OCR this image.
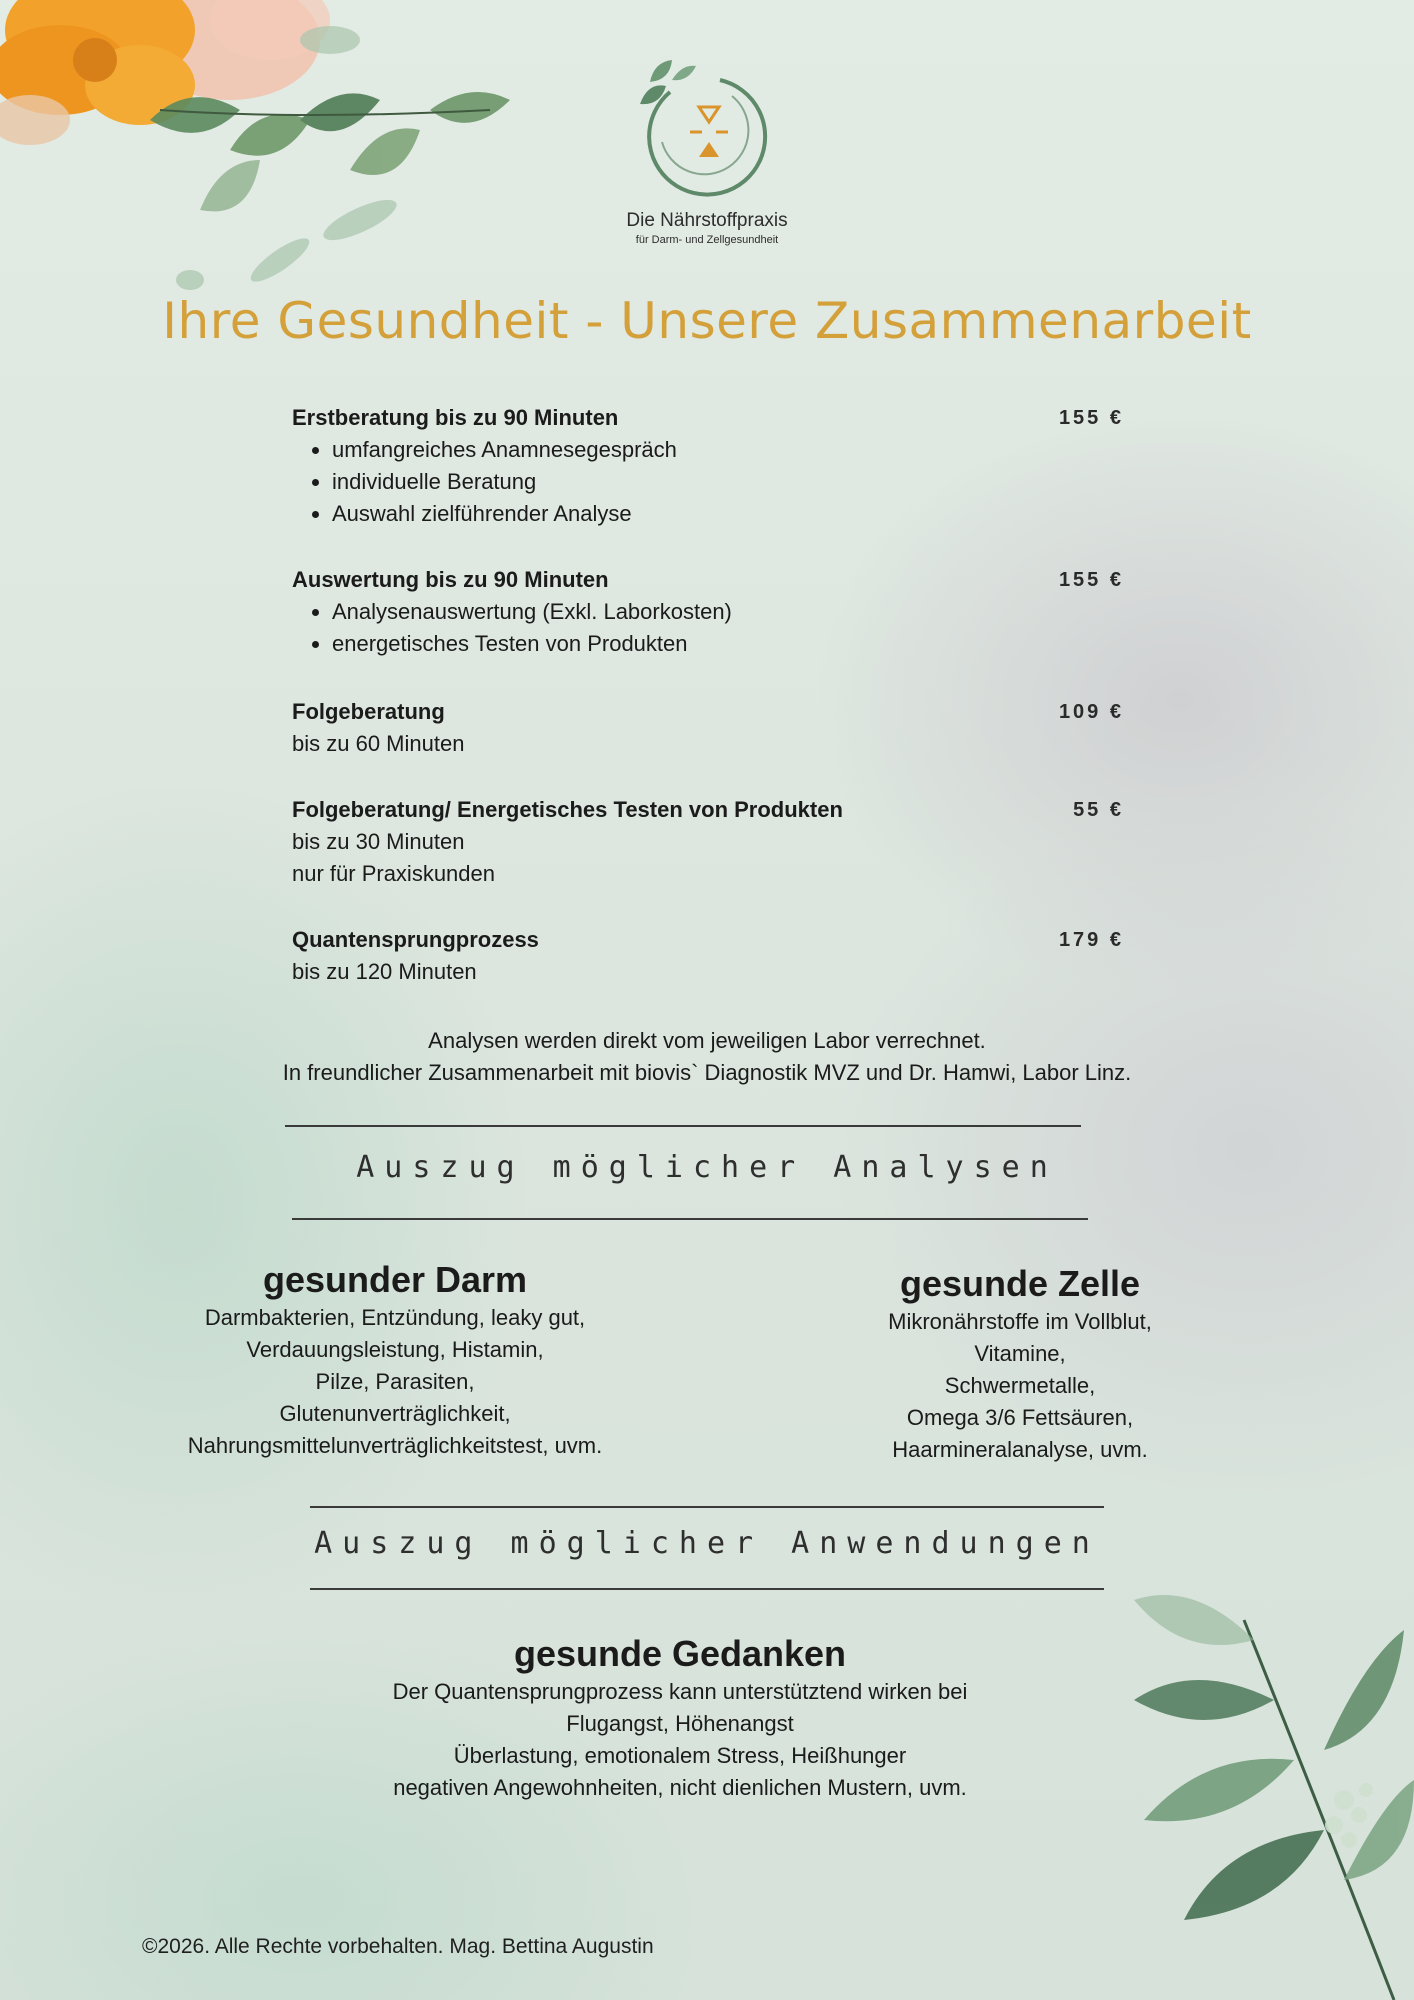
Die Nährstoffpraxis
für Darm- und Zellgesundheit
Ihre Gesundheit - Unsere Zusammenarbeit
Erstberatung bis zu 90 Minuten	155 €
• umfangreiches Anamnesegespräch
• individuelle Beratung
• Auswahl zielführender Analyse
Auswertung bis zu 90 Minuten	155 €
• Analysenauswertung (Exkl. Laborkosten)
• energetisches Testen von Produkten
Folgeberatung	109 €
bis zu 60 Minuten
Folgeberatung/ Energetisches Testen von Produkten	55 €
bis zu 30 Minuten
nur für Praxiskunden
Quantensprungprozess	179 €
bis zu 120 Minuten
Analysen werden direkt vom jeweiligen Labor verrechnet.
In freundlicher Zusammenarbeit mit biovis` Diagnostik MVZ und Dr. Hamwi, Labor Linz.
Auszug möglicher Analysen
gesunder Darm
Darmbakterien, Entzündung, leaky gut,
Verdauungsleistung, Histamin,
Pilze, Parasiten,
Glutenunverträglichkeit,
Nahrungsmittelunverträglichkeitstest, uvm.
gesunde Zelle
Mikronährstoffe im Vollblut,
Vitamine,
Schwermetalle,
Omega 3/6 Fettsäuren,
Haarmineralanalyse, uvm.
Auszug möglicher Anwendungen
gesunde Gedanken
Der Quantensprungprozess kann unterstütztend wirken bei
Flugangst, Höhenangst
Überlastung, emotionalem Stress, Heißhunger
negativen Angewohnheiten, nicht dienlichen Mustern, uvm.
©2026. Alle Rechte vorbehalten. Mag. Bettina Augustin
